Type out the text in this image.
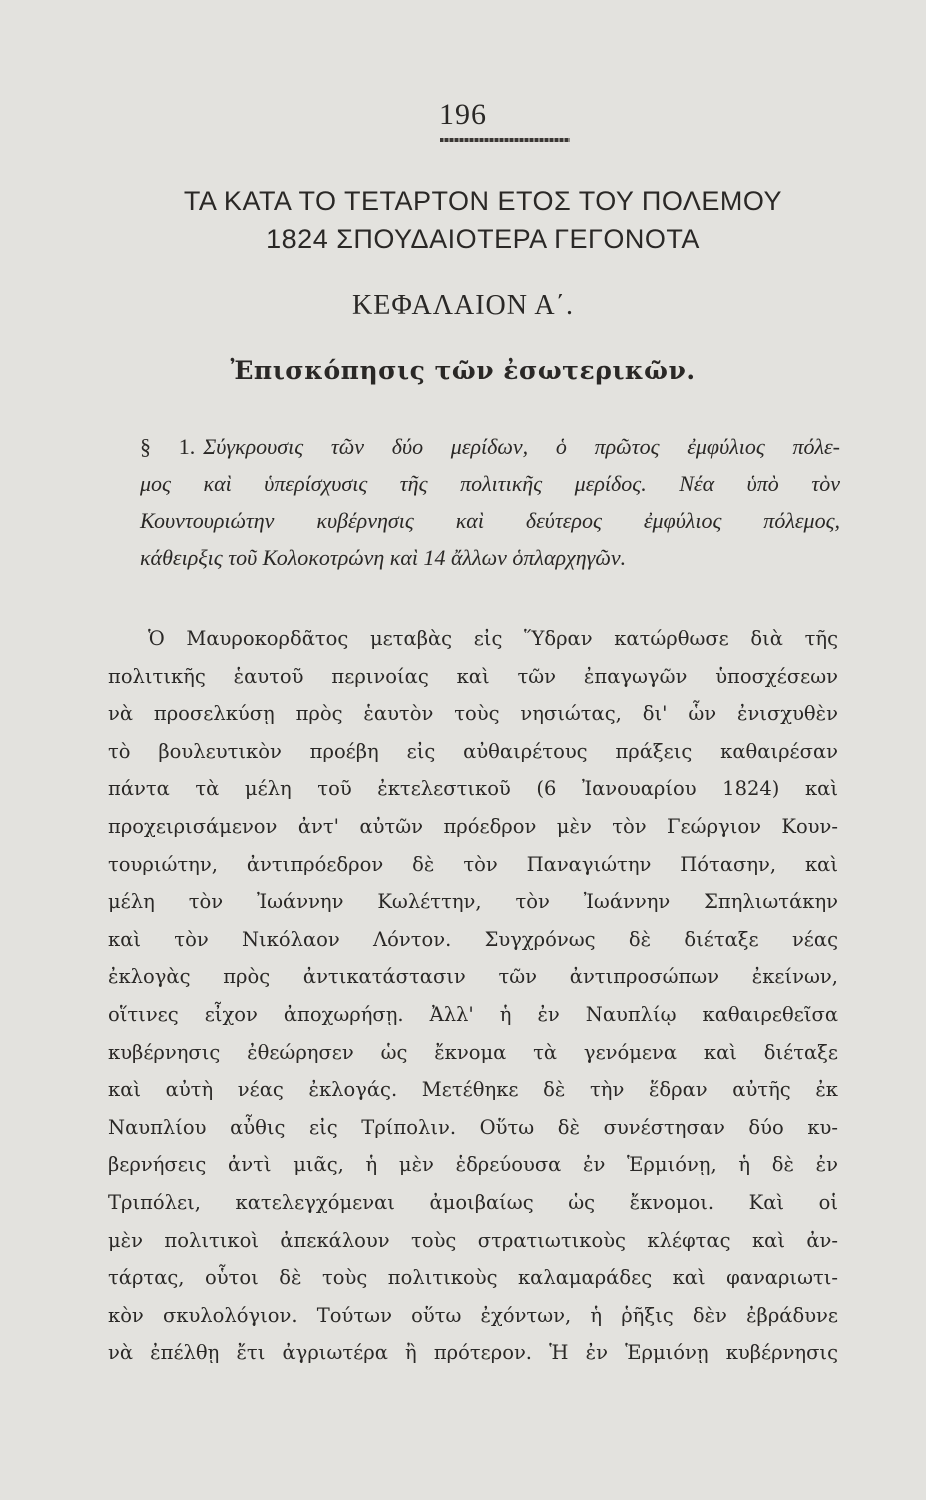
196
ΤΑ ΚΑΤΑ ΤΟ ΤΕΤΑΡΤΟΝ ΕΤΟΣ ΤΟΥ ΠΟΛΕΜΟΥ
1824 ΣΠΟΥΔΑΙΟΤΕΡΑ ΓΕΓΟΝΟΤΑ
ΚΕΦΑΛΑΙΟΝ Α΄.
Ἐπισκόπησις τῶν ἐσωτερικῶν.

§ 1. Σύγκρουσις τῶν δύο μερίδων, ὁ πρῶτος ἐμφύλιος πόλε-

μος καὶ ὑπερίσχυσις τῆς πολιτικῆς μερίδος. Νέα ὑπὸ τὸν

Κουντουριώτην κυβέρνησις καὶ δεύτερος ἐμφύλιος πόλεμος,

κάθειρξις τοῦ Κολοκοτρώνη καὶ 14 ἄλλων ὁπλαρχηγῶν.

Ὁ Μαυροκορδᾶτος μεταβὰς εἰς Ὕδραν κατώρθωσε διὰ τῆς
πολιτικῆς ἑαυτοῦ περινοίας καὶ τῶν ἐπαγωγῶν ὑποσχέσεων
νὰ προσελκύσῃ πρὸς ἑαυτὸν τοὺς νησιώτας, δι' ὧν ἐνισχυθὲν
τὸ βουλευτικὸν προέβη εἰς αὐθαιρέτους πράξεις καθαιρέσαν
πάντα τὰ μέλη τοῦ ἐκτελεστικοῦ (6 Ἰανουαρίου 1824) καὶ
προχειρισάμενον ἀντ' αὐτῶν πρόεδρον μὲν τὸν Γεώργιον Κουν-
τουριώτην, ἀντιπρόεδρον δὲ τὸν Παναγιώτην Πότασην, καὶ
μέλη τὸν Ἰωάννην Κωλέττην, τὸν Ἰωάννην Σπηλιωτάκην
καὶ τὸν Νικόλαον Λόντον. Συγχρόνως δὲ διέταξε νέας
ἐκλογὰς πρὸς ἀντικατάστασιν τῶν ἀντιπροσώπων ἐκείνων,
οἵτινες εἶχον ἀποχωρήσῃ. Ἀλλ' ἡ ἐν Ναυπλίῳ καθαιρεθεῖσα
κυβέρνησις ἐθεώρησεν ὡς ἔκνομα τὰ γενόμενα καὶ διέταξε
καὶ αὐτὴ νέας ἐκλογάς. Μετέθηκε δὲ τὴν ἕδραν αὐτῆς ἐκ
Ναυπλίου αὖθις εἰς Τρίπολιν. Οὕτω δὲ συνέστησαν δύο κυ-
βερνήσεις ἀντὶ μιᾶς, ἡ μὲν ἑδρεύουσα ἐν Ἑρμιόνῃ, ἡ δὲ ἐν
Τριπόλει, κατελεγχόμεναι ἀμοιβαίως ὡς ἔκνομοι. Καὶ οἱ
μὲν πολιτικοὶ ἀπεκάλουν τοὺς στρατιωτικοὺς κλέφτας καὶ ἀν-
τάρτας, οὗτοι δὲ τοὺς πολιτικοὺς καλαμαράδες καὶ φαναριωτι-
κὸν σκυλολόγιον. Τούτων οὕτω ἐχόντων, ἡ ῥῆξις δὲν ἐβράδυνε
νὰ ἐπέλθῃ ἔτι ἀγριωτέρα ἢ πρότερον. Ἡ ἐν Ἑρμιόνῃ κυβέρνησις
